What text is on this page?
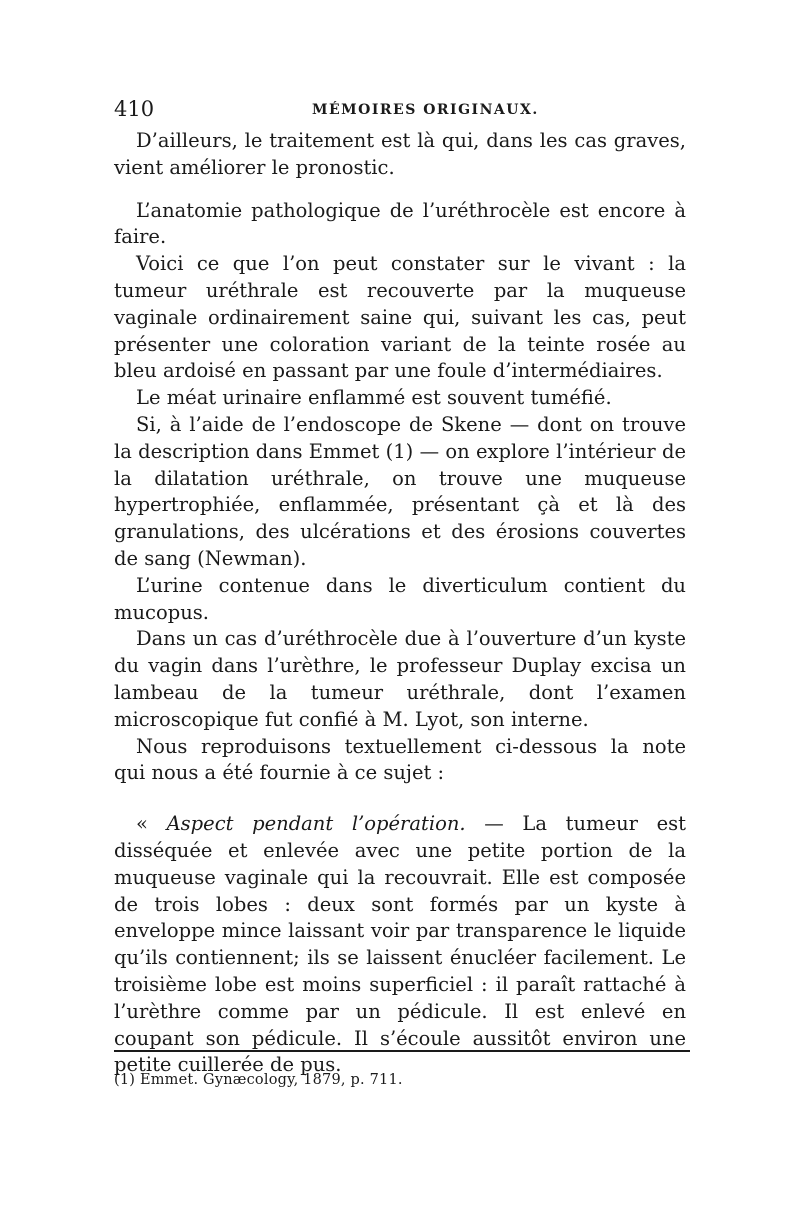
410	MÉMOIRES ORIGINAUX.

D’ailleurs, le traitement est là qui, dans les cas graves, vient améliorer le pronostic.

L’anatomie pathologique de l’uréthrocèle est encore à faire.

Voici ce que l’on peut constater sur le vivant : la tumeur uréthrale est recouverte par la muqueuse vaginale ordinairement saine qui, suivant les cas, peut présenter une coloration variant de la teinte rosée au bleu ardoisé en passant par une foule d’intermédiaires.

Le méat urinaire enflammé est souvent tuméfié.

Si, à l’aide de l’endoscope de Skene — dont on trouve la description dans Emmet (1) — on explore l’intérieur de la dilatation uréthrale, on trouve une muqueuse hypertrophiée, enflammée, présentant çà et là des granulations, des ulcérations et des érosions couvertes de sang (Newman).

L’urine contenue dans le diverticulum contient du mucopus.

Dans un cas d’uréthrocèle due à l’ouverture d’un kyste du vagin dans l’urèthre, le professeur Duplay excisa un lambeau de la tumeur uréthrale, dont l’examen microscopique fut confié à M. Lyot, son interne.

Nous reproduisons textuellement ci-dessous la note qui nous a été fournie à ce sujet :

« Aspect pendant l’opération. — La tumeur est disséquée et enlevée avec une petite portion de la muqueuse vaginale qui la recouvrait. Elle est composée de trois lobes : deux sont formés par un kyste à enveloppe mince laissant voir par transparence le liquide qu’ils contiennent; ils se laissent énucléer facilement. Le troisième lobe est moins superficiel : il paraît rattaché à l’urèthre comme par un pédicule. Il est enlevé en coupant son pédicule. Il s’écoule aussitôt environ une petite cuillerée de pus.

(1) Emmet. Gynæcology, 1879, p. 711.
